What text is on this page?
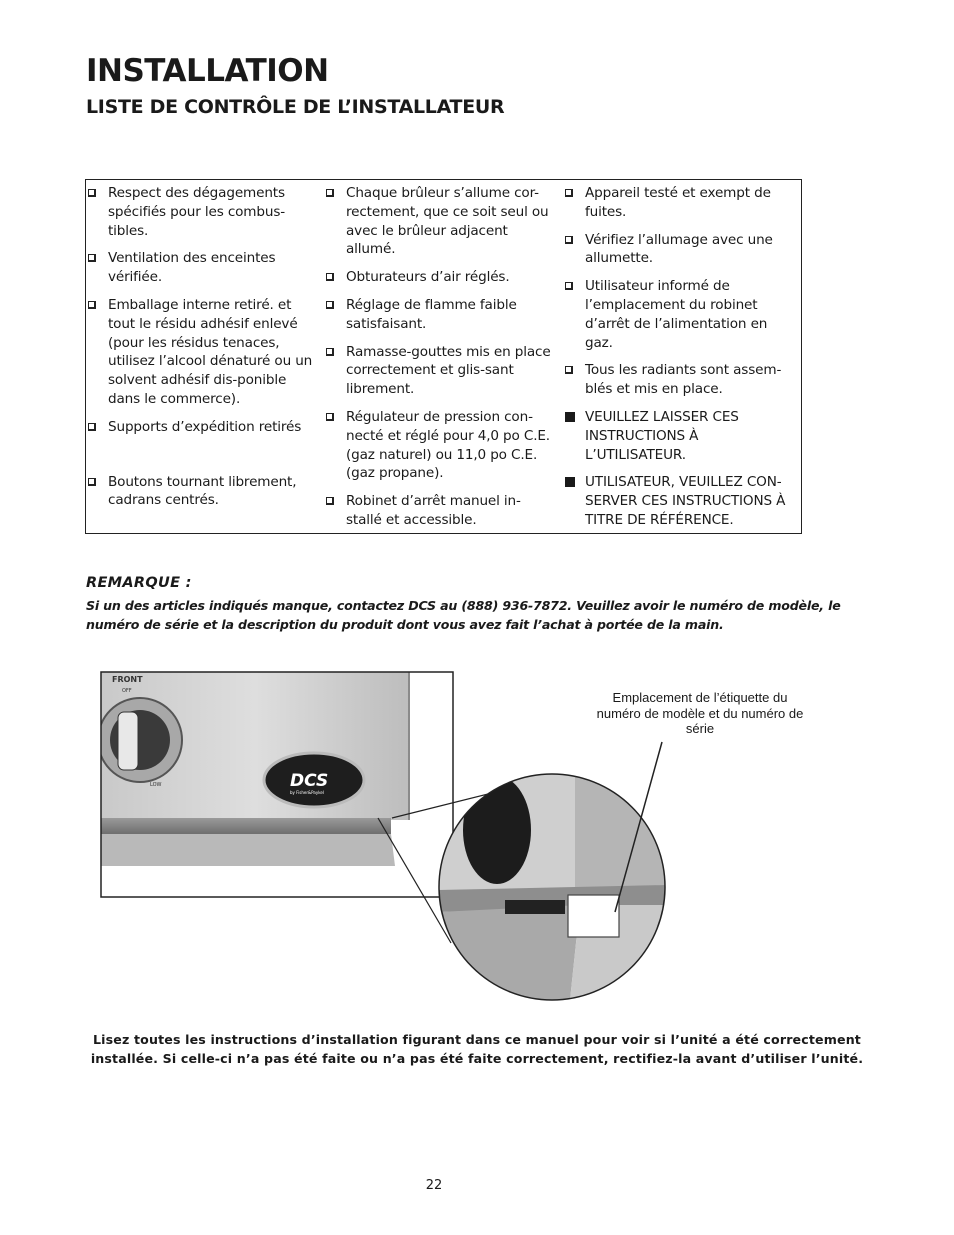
INSTALLATION
LISTE DE CONTRÔLE DE L’INSTALLATEUR
Respect des dégagements spécifiés pour les combus-tibles.
Ventilation des enceintes vérifiée.
Emballage interne retiré. et tout le résidu adhésif enlevé (pour les résidus tenaces, utilisez l’alcool dénaturé ou un solvent adhésif dis-ponible dans le commerce).
Supports d’expédition retirés
Boutons tournant librement, cadrans centrés.
Chaque brûleur s’allume cor-rectement, que ce soit seul ou avec le brûleur adjacent allumé.
Obturateurs d’air réglés.
Réglage de flamme faible satisfaisant.
Ramasse-gouttes mis en place correctement et glis-sant librement.
Régulateur de pression con-necté et réglé pour 4,0 po C.E. (gaz naturel) ou 11,0 po C.E. (gaz propane).
Robinet d’arrêt manuel in-stallé et accessible.
Appareil testé et exempt de fuites.
Vérifiez l’allumage avec une allumette.
Utilisateur informé de l’emplacement du robinet d’arrêt de l’alimentation en gaz.
Tous les radiants sont assem-blés et mis en place.
VEUILLEZ LAISSER CES INSTRUCTIONS À L’UTILISATEUR.
UTILISATEUR, VEUILLEZ CON-SERVER CES INSTRUCTIONS À TITRE DE RÉFÉRENCE.
REMARQUE :
Si un des articles indiqués manque, contactez DCS au (888) 936-7872. Veuillez avoir le numéro de modèle, le numéro de série et la description du produit dont vous avez fait l’achat à portée de la main.
FRONT
OFF
LOW	DCS
by Fisher&Paykel
Emplacement de l’étiquette du numéro de modèle et du numéro de série
Lisez toutes les instructions d’installation figurant dans ce manuel pour voir si l’unité a été correctement installée. Si celle-ci n’a pas été faite ou n’a pas été faite correctement, rectifiez-la avant d’utiliser l’unité.
22
